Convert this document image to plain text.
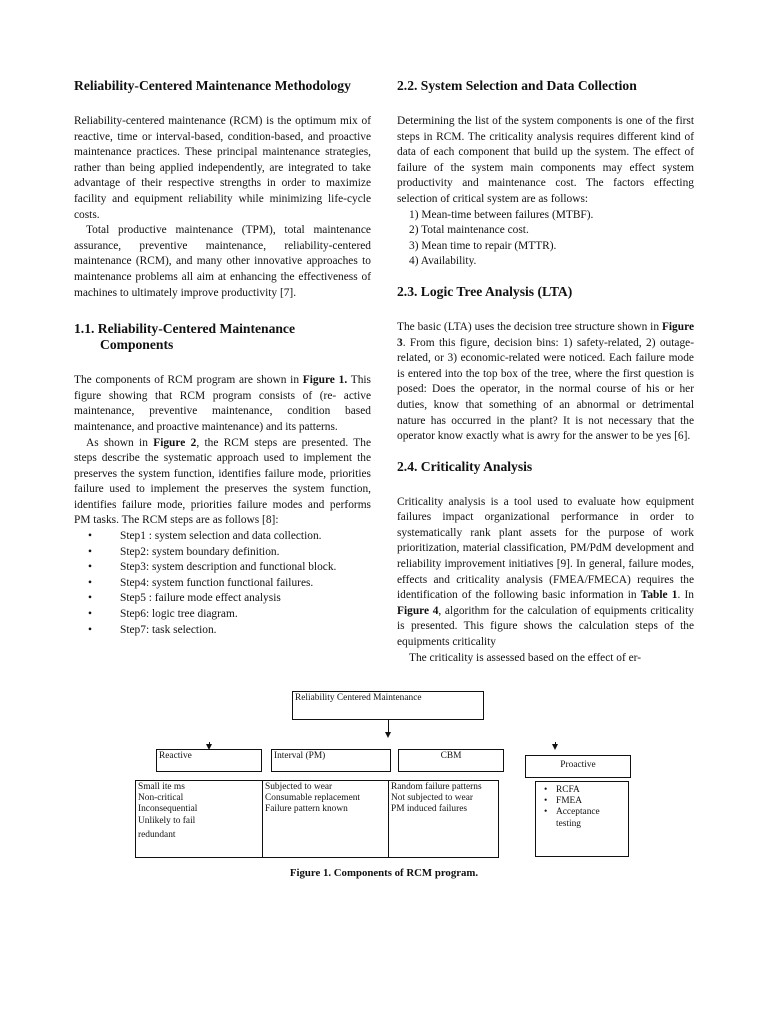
Reliability-Centered Maintenance Methodology

Reliability-centered maintenance (RCM) is the optimum mix of reactive, time or interval-based, condition-based, and proactive maintenance practices. These principal maintenance strategies, rather than being applied independently, are integrated to take advantage of their respective strengths in order to maximize facility and equipment reliability while minimizing life-cycle costs.

Total productive maintenance (TPM), total maintenance assurance, preventive maintenance, reliability-centered maintenance (RCM), and many other innovative approaches to maintenance problems all aim at enhancing the effectiveness of machines to ultimately improve productivity [7].

1.1. Reliability-Centered Maintenance Components

The components of RCM program are shown in Figure 1. This figure showing that RCM program consists of (re- active maintenance, preventive maintenance, condition based maintenance, and proactive maintenance) and its patterns.

As shown in Figure 2, the RCM steps are presented. The steps describe the systematic approach used to implement the preserves the system function, identifies failure mode, priorities failure used to implement the preserves the system function, identifies failure mode, priorities failure modes and performs PM tasks. The RCM steps are as follows [8]:

• Step1 : system selection and data collection.
• Step2: system boundary definition.
• Step3: system description and functional block.
• Step4: system function functional failures.
• Step5 : failure mode effect analysis
• Step6: logic tree diagram.
• Step7: task selection.
2.2. System Selection and Data Collection

Determining the list of the system components is one of the first steps in RCM. The criticality analysis requires different kind of data of each component that build up the system. The effect of failure of the system main components may effect system productivity and maintenance cost. The factors effecting selection of critical system are as follows:

1) Mean-time between failures (MTBF).
2) Total maintenance cost.
3) Mean time to repair (MTTR).
4) Availability.
2.3. Logic Tree Analysis (LTA)

The basic (LTA) uses the decision tree structure shown in Figure 3. From this figure, decision bins: 1) safety-related, 2) outage-related, or 3) economic-related were noticed. Each failure mode is entered into the top box of the tree, where the first question is posed: Does the operator, in the normal course of his or her duties, know that something of an abnormal or detrimental nature has occurred in the plant? It is not necessary that the operator know exactly what is awry for the answer to be yes [6].

2.4. Criticality Analysis

Criticality analysis is a tool used to evaluate how equipment failures impact organizational performance in order to systematically rank plant assets for the purpose of work prioritization, material classification, PM/PdM development and reliability improvement initiatives [9]. In general, failure modes, effects and criticality analysis (FMEA/FMECA) requires the identification of the following basic information in Table 1. In Figure 4, algorithm for the calculation of equipments criticality is presented. This figure shows the calculation steps of the equipments criticality

The criticality is assessed based on the effect of er-

Reliability Centered Maintenance
Reactive	Interval (PM)	CBM
Proactive
Small ite ms
Non-critical
Inconsequential
Unlikely to fail
redundant
Subjected to wear
Consumable replacement
Failure pattern known
Random failure patterns
Not subjected to wear
PM induced failures
• RCFA
• FMEA
• Acceptance testing
Figure 1. Components of RCM program.
